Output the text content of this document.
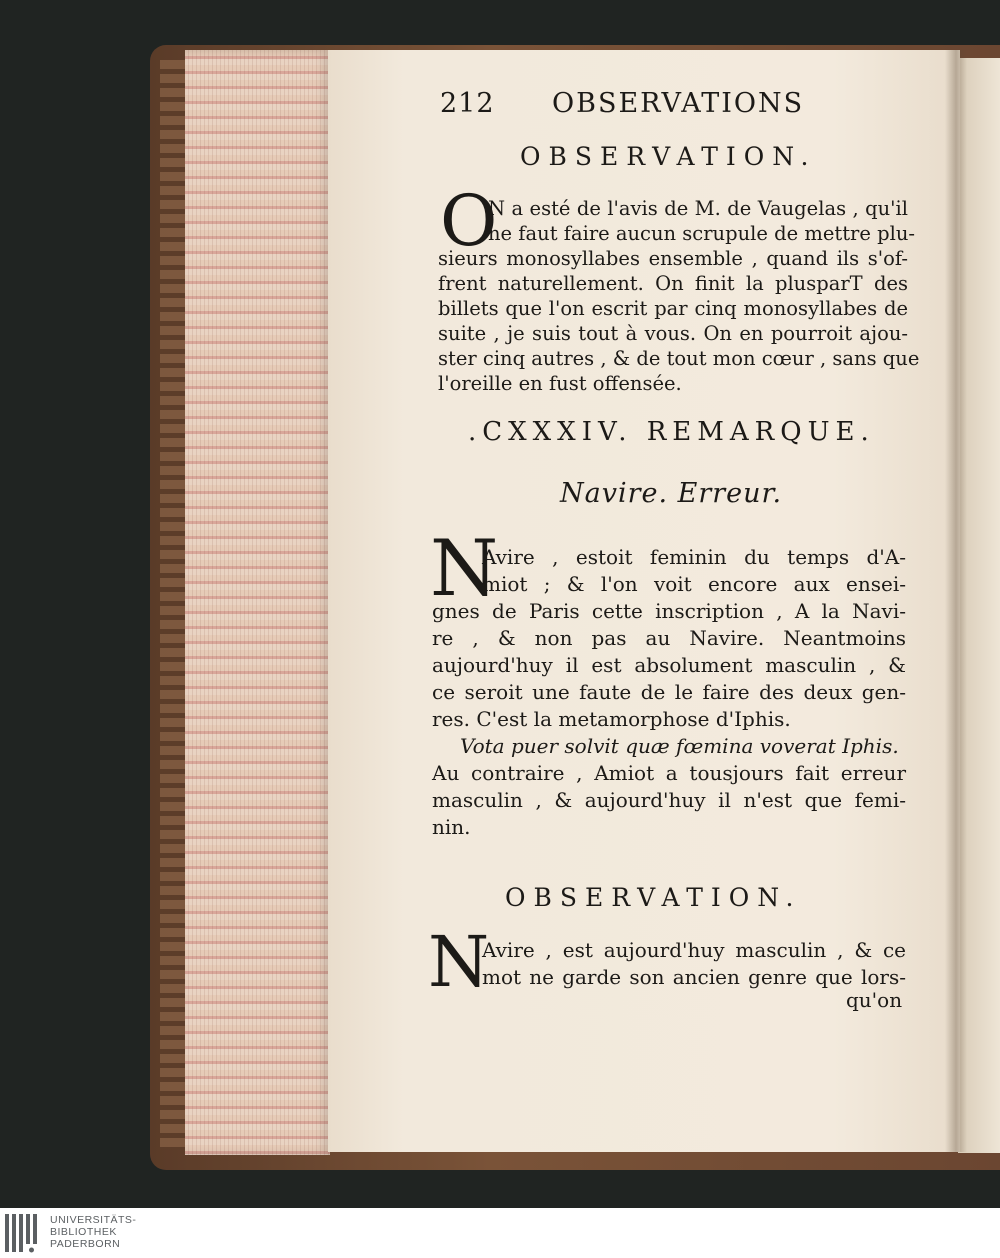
212 OBSERVATIONS
OBSERVATION.
O
N a esté de l'avis de M. de Vaugelas , qu'il
ne faut faire aucun scrupule de mettre plu-
sieurs monosyllabes ensemble , quand ils s'of-
frent naturellement. On finit la plusparT des
billets que l'on escrit par cinq monosyllabes de
suite , je suis tout à vous. On en pourroit ajou-
ster cinq autres , & de tout mon cœur , sans que
l'oreille en fust offensée.
.CXXXIV. REMARQUE.
Navire. Erreur.
N
Avire , estoit feminin du temps d'A-
miot ; & l'on voit encore aux ensei-
gnes de Paris cette inscription , A la Navi-
re , & non pas au Navire. Neantmoins
aujourd'huy il est absolument masculin , &
ce seroit une faute de le faire des deux gen-
res. C'est la metamorphose d'Iphis.
Vota puer solvit quæ fœmina voverat Iphis.
Au contraire , Amiot a tousjours fait erreur
masculin , & aujourd'huy il n'est que femi-
nin.
OBSERVATION.
N
Avire , est aujourd'huy masculin , & ce
mot ne garde son ancien genre que lors-
qu'on
UNIVERSITÄTS-
BIBLIOTHEK
PADERBORN
